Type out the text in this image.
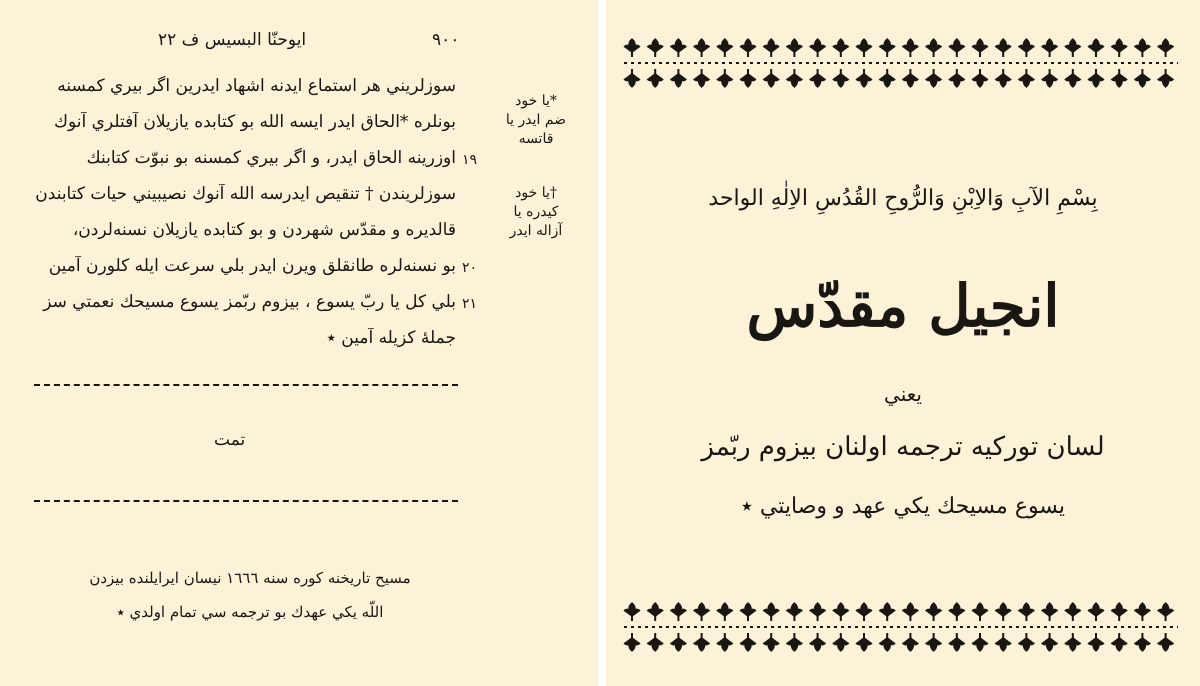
٩٠٠
ايوحنّا البسيس ف ٢٢
سوزلريني هر استماع ايدنه اشهاد ايدرين اگر بيري كمسنه
بونلره *الحاق ايدر ايسه الله بو كتابده يازيلان آفتلري آنوك
اوزرينه الحاق ايدر، و اگر بيري كمسنه بو نبوّت كتابنك
سوزلريندن † تنقيص ايدرسه الله آنوك نصيبيني حيات كتابندن
قالديره و مقدّس شهردن و بو كتابده يازيلان نسنه‌لردن،
بو نسنه‌لره طانقلق ويرن ايدر بلي سرعت ايله كلورن آمين
بلي كل يا ربّ يسوع ، بيزوم ربّمز يسوع مسيحك نعمتي سز
جملهٔ كزيله آمين ٭
١٩
٢٠
٢١
*يا خود
ضم ايدر يا
قاتسه
†يا خود
كيدره يا
آزاله ايدر
تمت
مسيح تاريخنه كوره سنه ١٦٦٦ نيسان ايرايلنده بيزدن
اللّه يكي عهدك بو ترجمه سي تمام اولدي ٭
بِسْمِ الآبِ وَالاِبْنِ وَالرُّوحِ القُدُسِ الاِلٰهِ الواحد
انجيل مقدّس
يعني
لسان توركيه ترجمه اولنان بيزوم ربّمز
يسوع مسيحك يكي عهد و وصايتي ٭
